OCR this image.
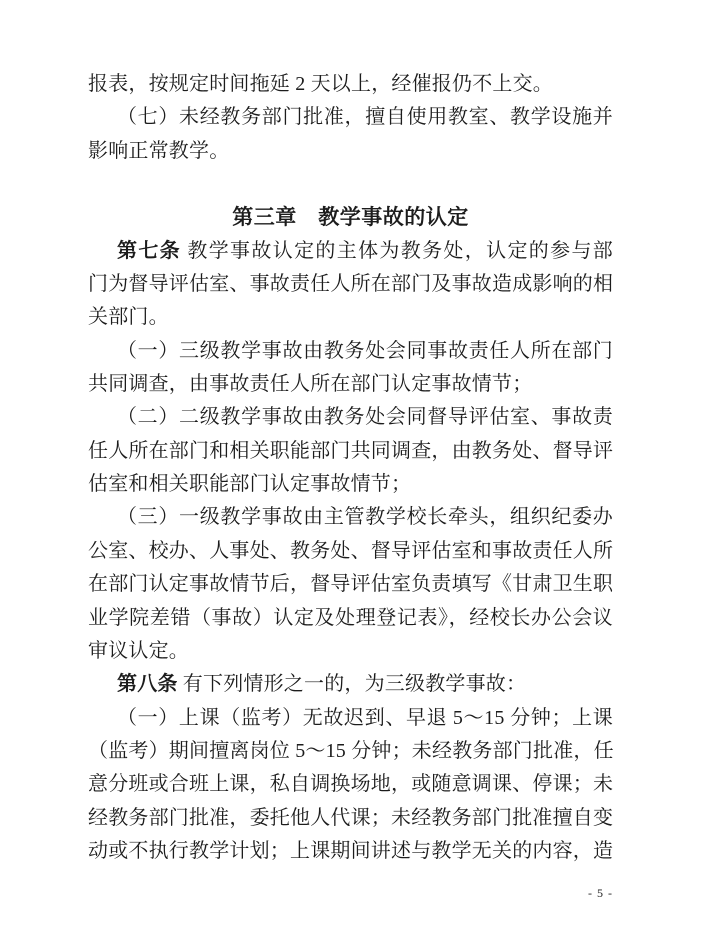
报表，按规定时间拖延 2 天以上，经催报仍不上交。
（七）未经教务部门批准，擅自使用教室、教学设施并
影响正常教学。
第三章　教学事故的认定
第七条 教学事故认定的主体为教务处，认定的参与部
门为督导评估室、事故责任人所在部门及事故造成影响的相
关部门。
（一）三级教学事故由教务处会同事故责任人所在部门
共同调查，由事故责任人所在部门认定事故情节；
（二）二级教学事故由教务处会同督导评估室、事故责
任人所在部门和相关职能部门共同调查，由教务处、督导评
估室和相关职能部门认定事故情节；
（三）一级教学事故由主管教学校长牵头，组织纪委办
公室、校办、人事处、教务处、督导评估室和事故责任人所
在部门认定事故情节后，督导评估室负责填写《甘肃卫生职
业学院差错（事故）认定及处理登记表》，经校长办公会议
审议认定。
第八条 有下列情形之一的，为三级教学事故：
（一）上课（监考）无故迟到、早退 5～15 分钟；上课
（监考）期间擅离岗位 5～15 分钟；未经教务部门批准，任
意分班或合班上课，私自调换场地，或随意调课、停课；未
经教务部门批准，委托他人代课；未经教务部门批准擅自变
动或不执行教学计划；上课期间讲述与教学无关的内容，造
- 5 -
